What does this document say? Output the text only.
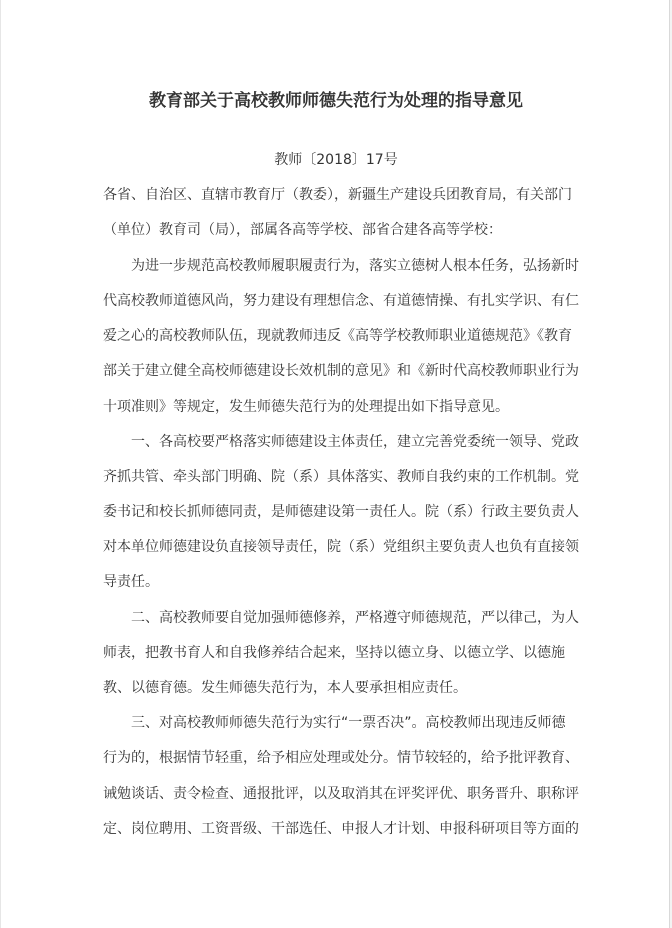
教育部关于高校教师师德失范行为处理的指导意见
教师〔2018〕17号
各省、自治区、直辖市教育厅（教委），新疆生产建设兵团教育局，有关部门
（单位）教育司（局），部属各高等学校、部省合建各高等学校：
为进一步规范高校教师履职履责行为，落实立德树人根本任务，弘扬新时
代高校教师道德风尚，努力建设有理想信念、有道德情操、有扎实学识、有仁
爱之心的高校教师队伍，现就教师违反《高等学校教师职业道德规范》《教育
部关于建立健全高校师德建设长效机制的意见》和《新时代高校教师职业行为
十项准则》等规定，发生师德失范行为的处理提出如下指导意见。
一、各高校要严格落实师德建设主体责任，建立完善党委统一领导、党政
齐抓共管、牵头部门明确、院（系）具体落实、教师自我约束的工作机制。党
委书记和校长抓师德同责，是师德建设第一责任人。院（系）行政主要负责人
对本单位师德建设负直接领导责任，院（系）党组织主要负责人也负有直接领
导责任。
二、高校教师要自觉加强师德修养，严格遵守师德规范，严以律己，为人
师表，把教书育人和自我修养结合起来，坚持以德立身、以德立学、以德施
教、以德育德。发生师德失范行为，本人要承担相应责任。
三、对高校教师师德失范行为实行“一票否决”。高校教师出现违反师德
行为的，根据情节轻重，给予相应处理或处分。情节较轻的，给予批评教育、
诫勉谈话、责令检查、通报批评，以及取消其在评奖评优、职务晋升、职称评
定、岗位聘用、工资晋级、干部选任、申报人才计划、申报科研项目等方面的
